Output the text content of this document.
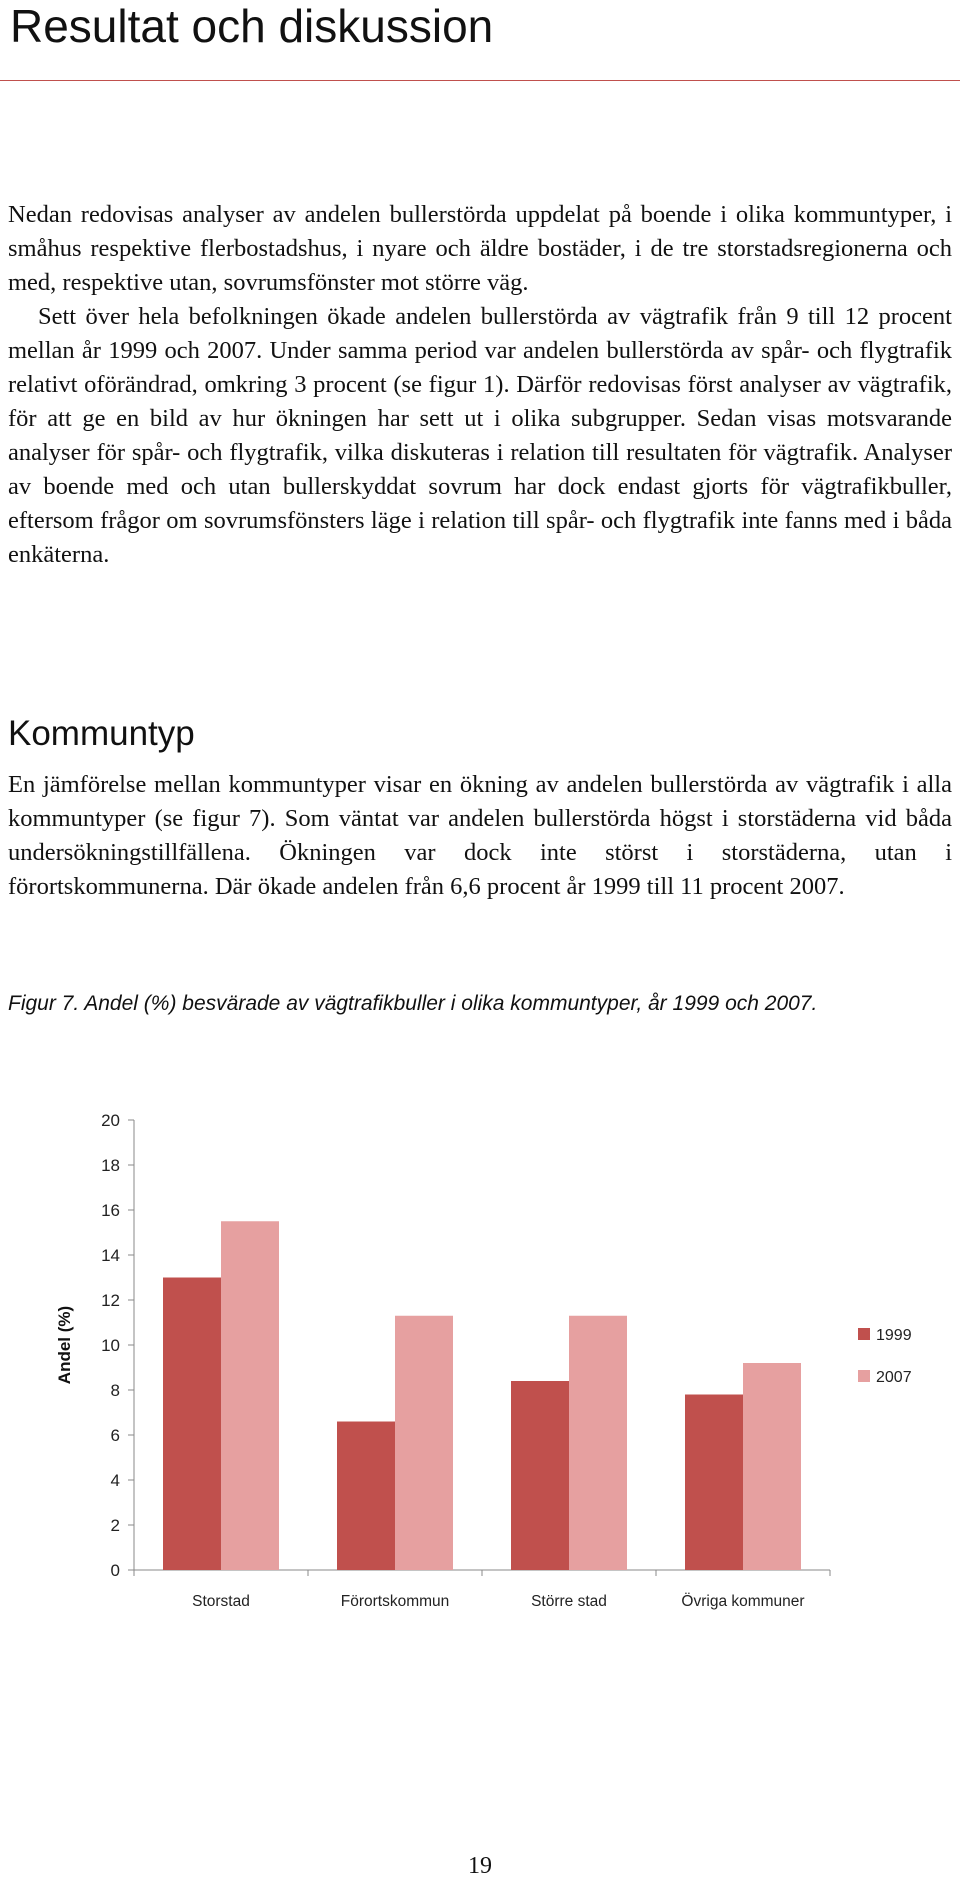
Resultat och diskussion

Nedan redovisas analyser av andelen bullerstörda uppdelat på boende i olika kommuntyper, i småhus respektive flerbostadshus, i nyare och äldre bostäder, i de tre storstadsregionerna och med, respektive utan, sovrumsfönster mot större väg.

Sett över hela befolkningen ökade andelen bullerstörda av vägtrafik från 9 till 12 procent mellan år 1999 och 2007. Under samma period var andelen bullerstörda av spår- och flygtrafik relativt oförändrad, omkring 3 procent (se figur 1). Därför redovisas först analyser av vägtrafik, för att ge en bild av hur ökningen har sett ut i olika subgrupper. Sedan visas motsvarande analyser för spår- och flygtrafik, vilka diskuteras i relation till resultaten för vägtrafik. Analyser av boende med och utan bullerskyddat sovrum har dock endast gjorts för vägtrafikbuller, eftersom frågor om sovrumsfönsters läge i relation till spår- och flygtrafik inte fanns med i båda enkäterna.

Kommuntyp

En jämförelse mellan kommuntyper visar en ökning av andelen bullerstörda av vägtrafik i alla kommuntyper (se figur 7). Som väntat var andelen bullerstörda högst i storstäderna vid båda undersökningstillfällena. Ökningen var dock inte störst i storstäderna, utan i förortskommunerna. Där ökade andelen från 6,6 procent år 1999 till 11 procent 2007.

Figur 7. Andel (%) besvärade av vägtrafikbuller i olika kommuntyper, år 1999 och 2007.

0
2
4
6
8
10
12
14
16
18
20
Andel (%)
Storstad	Förortskommun	Större stad	Övriga kommuner
1999
2007
19
